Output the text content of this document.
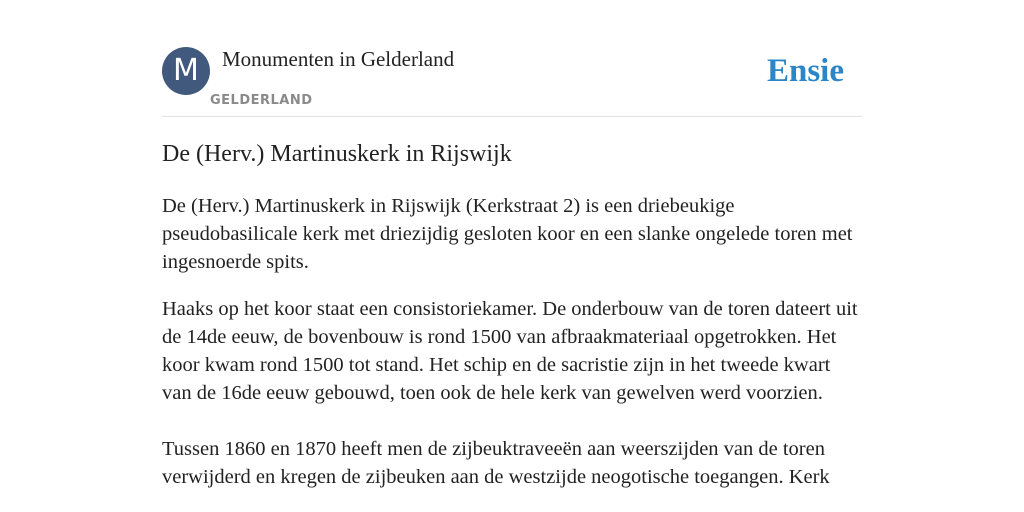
M	Monumenten in Gelderland
GELDERLAND
Ensie
De (Herv.) Martinuskerk in Rijswijk

De (Herv.) Martinuskerk in Rijswijk (Kerkstraat 2) is een driebeukige pseudobasilicale kerk met driezijdig gesloten koor en een slanke ongelede toren met ingesnoerde spits.

Haaks op het koor staat een consistoriekamer. De onderbouw van de toren dateert uit de 14de eeuw, de bovenbouw is rond 1500 van afbraakmateriaal opgetrokken. Het koor kwam rond 1500 tot stand. Het schip en de sacristie zijn in het tweede kwart van de 16de eeuw gebouwd, toen ook de hele kerk van gewelven werd voorzien.

Tussen 1860 en 1870 heeft men de zijbeuktraveeën aan weerszijden van de toren verwijderd en kregen de zijbeuken aan de westzijde neogotische toegangen. Kerk
